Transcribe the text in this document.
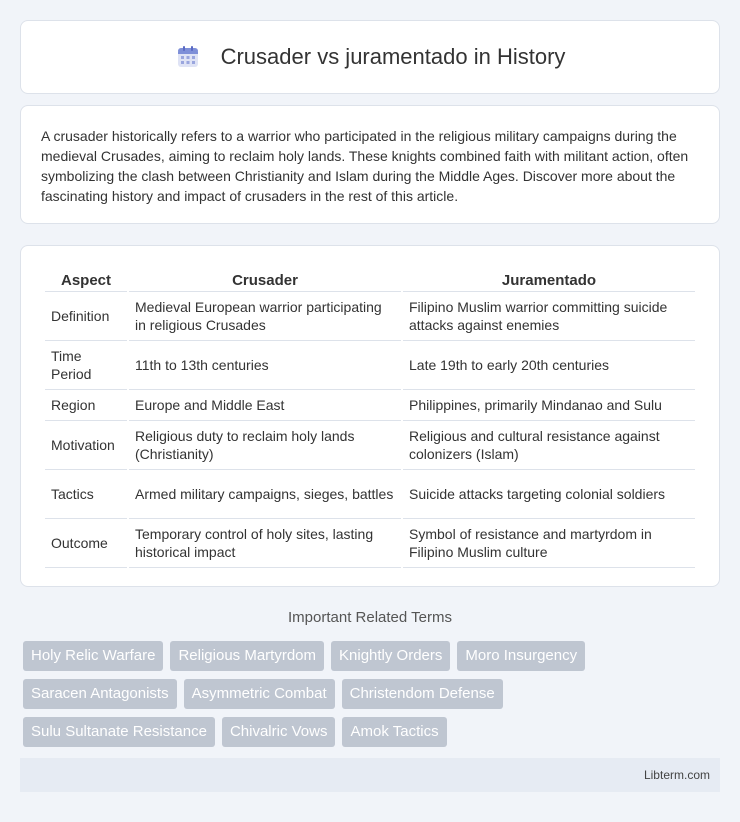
Crusader vs juramentado in History

A crusader historically refers to a warrior who participated in the religious military campaigns during the medieval Crusades, aiming to reclaim holy lands. These knights combined faith with militant action, often symbolizing the clash between Christianity and Islam during the Middle Ages. Discover more about the fascinating history and impact of crusaders in the rest of this article.

Aspect	Crusader	Juramentado
Definition	Medieval European warrior participating in religious Crusades	Filipino Muslim warrior committing suicide attacks against enemies
Time Period	11th to 13th centuries	Late 19th to early 20th centuries
Region	Europe and Middle East	Philippines, primarily Mindanao and Sulu
Motivation	Religious duty to reclaim holy lands (Christianity)	Religious and cultural resistance against colonizers (Islam)
Tactics	Armed military campaigns, sieges, battles	Suicide attacks targeting colonial soldiers
Outcome	Temporary control of holy sites, lasting historical impact	Symbol of resistance and martyrdom in Filipino Muslim culture
Important Related Terms
Holy Relic Warfare	Religious Martyrdom	Knightly Orders	Moro Insurgency
Saracen Antagonists	Asymmetric Combat	Christendom Defense
Sulu Sultanate Resistance	Chivalric Vows	Amok Tactics
Libterm.com
